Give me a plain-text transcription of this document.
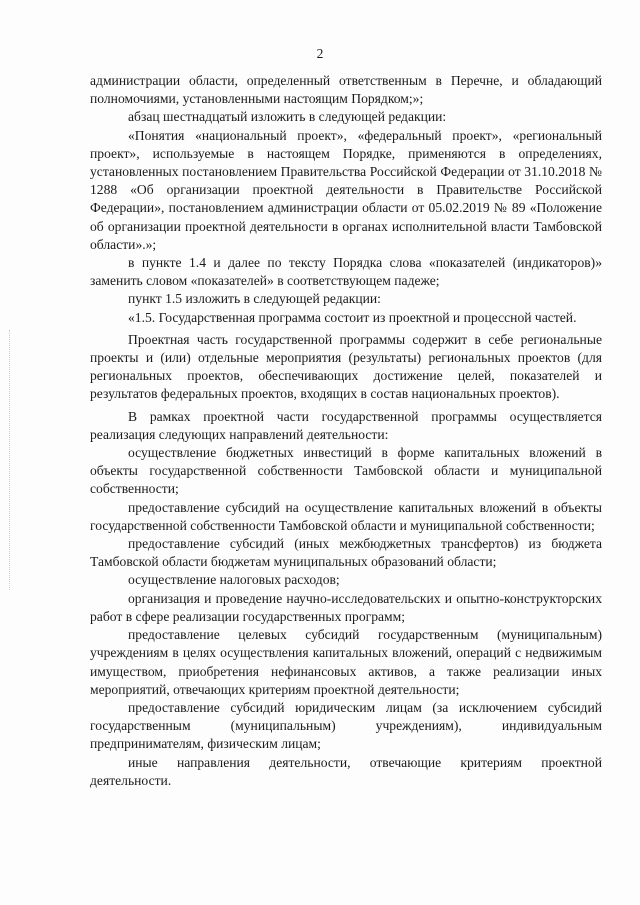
2

администрации области, определенный ответственным в Перечне, и обладающий полномочиями, установленными настоящим Порядком;»;

абзац шестнадцатый изложить в следующей редакции:

«Понятия «национальный проект», «федеральный проект», «региональный проект», используемые в настоящем Порядке, применяются в определениях, установленных постановлением Правительства Российской Федерации от 31.10.2018 № 1288 «Об организации проектной деятельности в Правительстве Российской Федерации», постановлением администрации области от 05.02.2019 № 89 «Положение об организации проектной деятельности в органах исполнительной власти Тамбовской области».»;

в пункте 1.4 и далее по тексту Порядка слова «показателей (индикаторов)» заменить словом «показателей» в соответствующем падеже;

пункт 1.5 изложить в следующей редакции:

«1.5. Государственная программа состоит из проектной и процессной частей.

Проектная часть государственной программы содержит в себе региональные проекты и (или) отдельные мероприятия (результаты) региональных проектов (для региональных проектов, обеспечивающих достижение целей, показателей и результатов федеральных проектов, входящих в состав национальных проектов).

В рамках проектной части государственной программы осуществляется реализация следующих направлений деятельности:

осуществление бюджетных инвестиций в форме капитальных вложений в объекты государственной собственности Тамбовской области и муниципальной собственности;

предоставление субсидий на осуществление капитальных вложений в объекты государственной собственности Тамбовской области и муниципальной собственности;

предоставление субсидий (иных межбюджетных трансфертов) из бюджета Тамбовской области бюджетам муниципальных образований области;

осуществление налоговых расходов;

организация и проведение научно-исследовательских и опытно-конструкторских работ в сфере реализации государственных программ;

предоставление целевых субсидий государственным (муниципальным) учреждениям в целях осуществления капитальных вложений, операций с недвижимым имуществом, приобретения нефинансовых активов, а также реализации иных мероприятий, отвечающих критериям проектной деятельности;

предоставление субсидий юридическим лицам (за исключением субсидий государственным (муниципальным) учреждениям), индивидуальным предпринимателям, физическим лицам;

иные направления деятельности, отвечающие критериям проектной деятельности.
